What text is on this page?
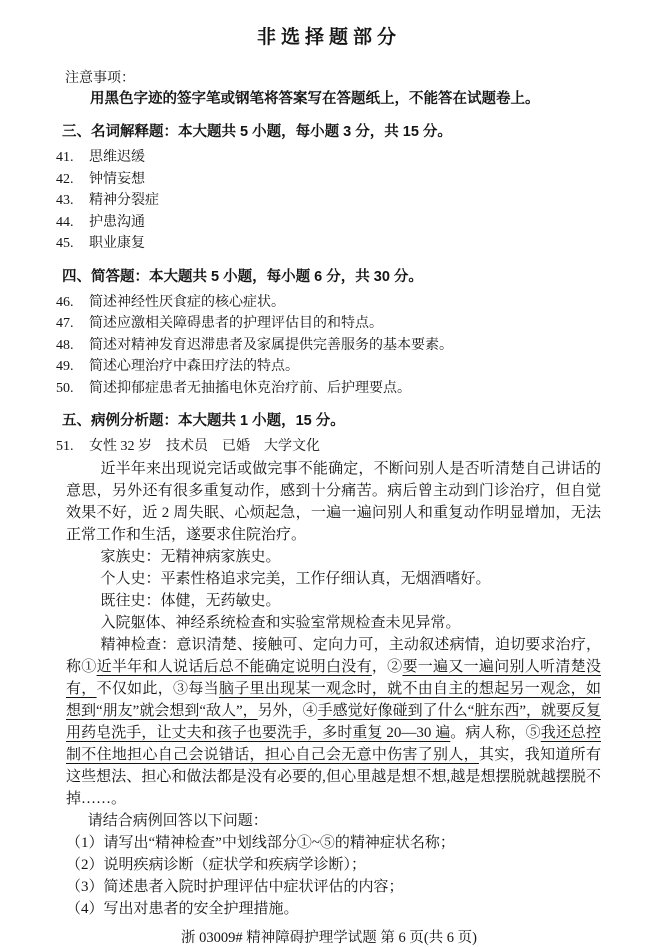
非选择题部分
注意事项：
用黑色字迹的签字笔或钢笔将答案写在答题纸上，不能答在试题卷上。
三、名词解释题：本大题共 5 小题，每小题 3 分，共 15 分。
41. 思维迟缓
42. 钟情妄想
43. 精神分裂症
44. 护患沟通
45. 职业康复
四、简答题：本大题共 5 小题，每小题 6 分，共 30 分。
46. 简述神经性厌食症的核心症状。
47. 简述应激相关障碍患者的护理评估目的和特点。
48. 简述对精神发育迟滞患者及家属提供完善服务的基本要素。
49. 简述心理治疗中森田疗法的特点。
50. 简述抑郁症患者无抽搐电休克治疗前、后护理要点。
五、病例分析题：本大题共 1 小题，15 分。
51. 女性 32 岁　技术员　已婚　大学文化

近半年来出现说完话或做完事不能确定，不断问别人是否听清楚自己讲话的意思，另外还有很多重复动作，感到十分痛苦。病后曾主动到门诊治疗，但自觉效果不好，近 2 周失眠、心烦起急，一遍一遍问别人和重复动作明显增加，无法正常工作和生活，遂要求住院治疗。

家族史：无精神病家族史。

个人史：平素性格追求完美，工作仔细认真，无烟酒嗜好。

既往史：体健，无药敏史。

入院躯体、神经系统检查和实验室常规检查未见异常。

精神检查：意识清楚、接触可、定向力可，主动叙述病情，迫切要求治疗，称①近半年和人说话后总不能确定说明白没有，②要一遍又一遍问别人听清楚没有，不仅如此，③每当脑子里出现某一观念时，就不由自主的想起另一观念，如想到“朋友”就会想到“敌人”，另外，④手感觉好像碰到了什么“脏东西”，就要反复用药皂洗手，让丈夫和孩子也要洗手，多时重复 20—30 遍。病人称，⑤我还总控制不住地担心自己会说错话，担心自己会无意中伤害了别人，其实，我知道所有这些想法、担心和做法都是没有必要的,但心里越是想不想,越是想摆脱就越摆脱不掉……。

请结合病例回答以下问题：

（1）请写出“精神检查”中划线部分①~⑤的精神症状名称；
（2）说明疾病诊断（症状学和疾病学诊断）；
（3）简述患者入院时护理评估中症状评估的内容；
（4）写出对患者的安全护理措施。
浙 03009# 精神障碍护理学试题 第 6 页(共 6 页)
